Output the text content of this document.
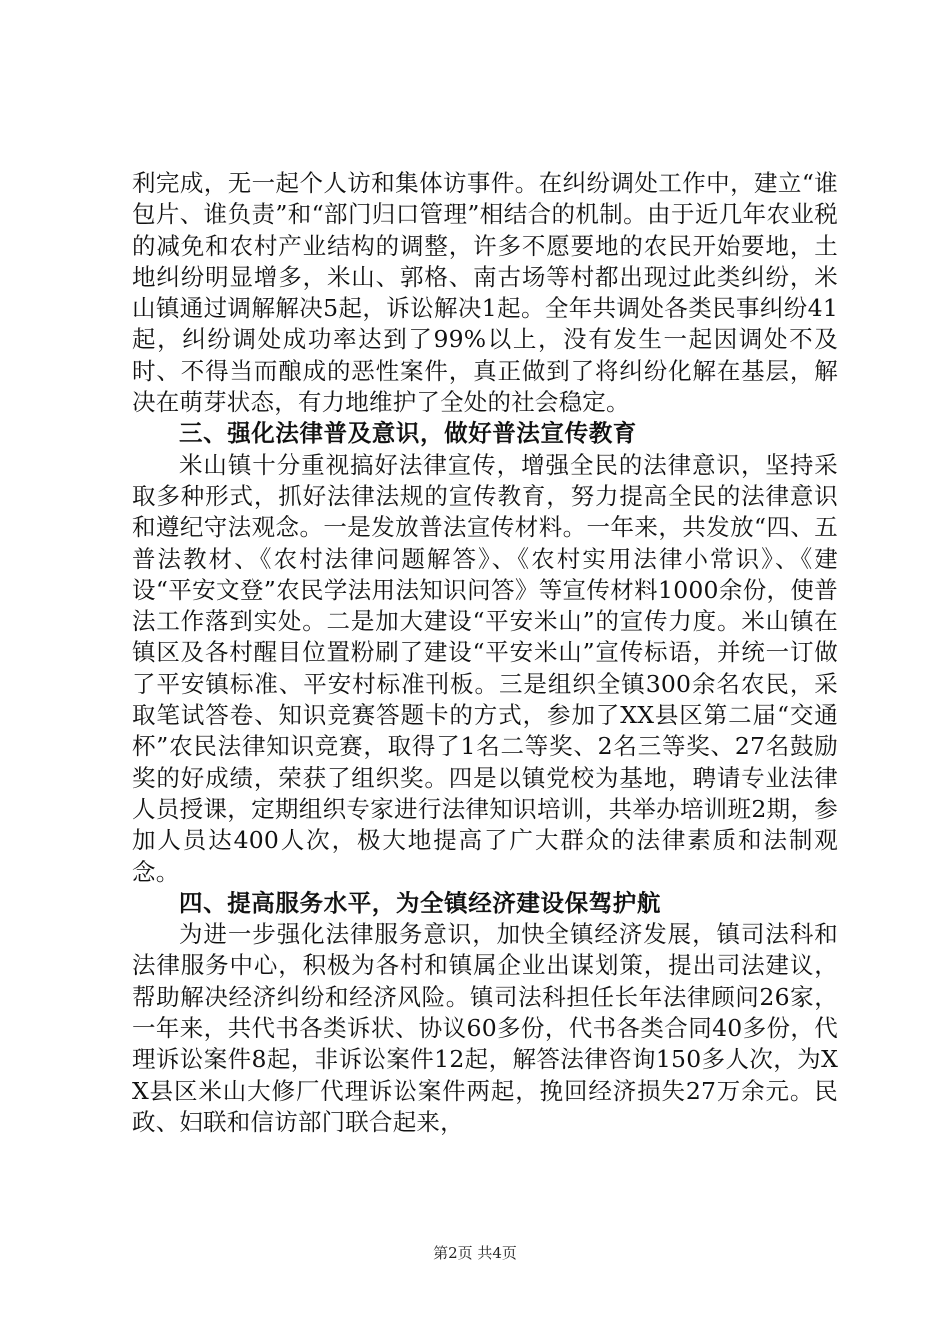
利完成，无一起个人访和集体访事件。在纠纷调处工作中，建立“谁包片、谁负责”和“部门归口管理”相结合的机制。由于近几年农业税的减免和农村产业结构的调整，许多不愿要地的农民开始要地，土地纠纷明显增多，米山、郭格、南古场等村都出现过此类纠纷，米山镇通过调解解决5起，诉讼解决1起。全年共调处各类民事纠纷41起，纠纷调处成功率达到了99%以上，没有发生一起因调处不及时、不得当而酿成的恶性案件，真正做到了将纠纷化解在基层，解决在萌芽状态，有力地维护了全处的社会稳定。

三、强化法律普及意识，做好普法宣传教育

米山镇十分重视搞好法律宣传，增强全民的法律意识，坚持采取多种形式，抓好法律法规的宣传教育，努力提高全民的法律意识和遵纪守法观念。一是发放普法宣传材料。一年来，共发放“四、五普法教材、《农村法律问题解答》、《农村实用法律小常识》、《建设“平安文登”农民学法用法知识问答》等宣传材料1000余份，使普法工作落到实处。二是加大建设“平安米山”的宣传力度。米山镇在镇区及各村醒目位置粉刷了建设“平安米山”宣传标语，并统一订做了平安镇标准、平安村标准刊板。三是组织全镇300余名农民，采取笔试答卷、知识竞赛答题卡的方式，参加了XX县区第二届“交通杯”农民法律知识竞赛，取得了1名二等奖、2名三等奖、27名鼓励奖的好成绩，荣获了组织奖。四是以镇党校为基地，聘请专业法律人员授课，定期组织专家进行法律知识培训，共举办培训班2期，参加人员达400人次，极大地提高了广大群众的法律素质和法制观念。

四、提高服务水平，为全镇经济建设保驾护航

为进一步强化法律服务意识，加快全镇经济发展，镇司法科和法律服务中心，积极为各村和镇属企业出谋划策，提出司法建议，帮助解决经济纠纷和经济风险。镇司法科担任长年法律顾问26家，一年来，共代书各类诉状、协议60多份，代书各类合同40多份，代理诉讼案件8起，非诉讼案件12起，解答法律咨询150多人次，为XX县区米山大修厂代理诉讼案件两起，挽回经济损失27万余元。民政、妇联和信访部门联合起来，

第2页 共4页
